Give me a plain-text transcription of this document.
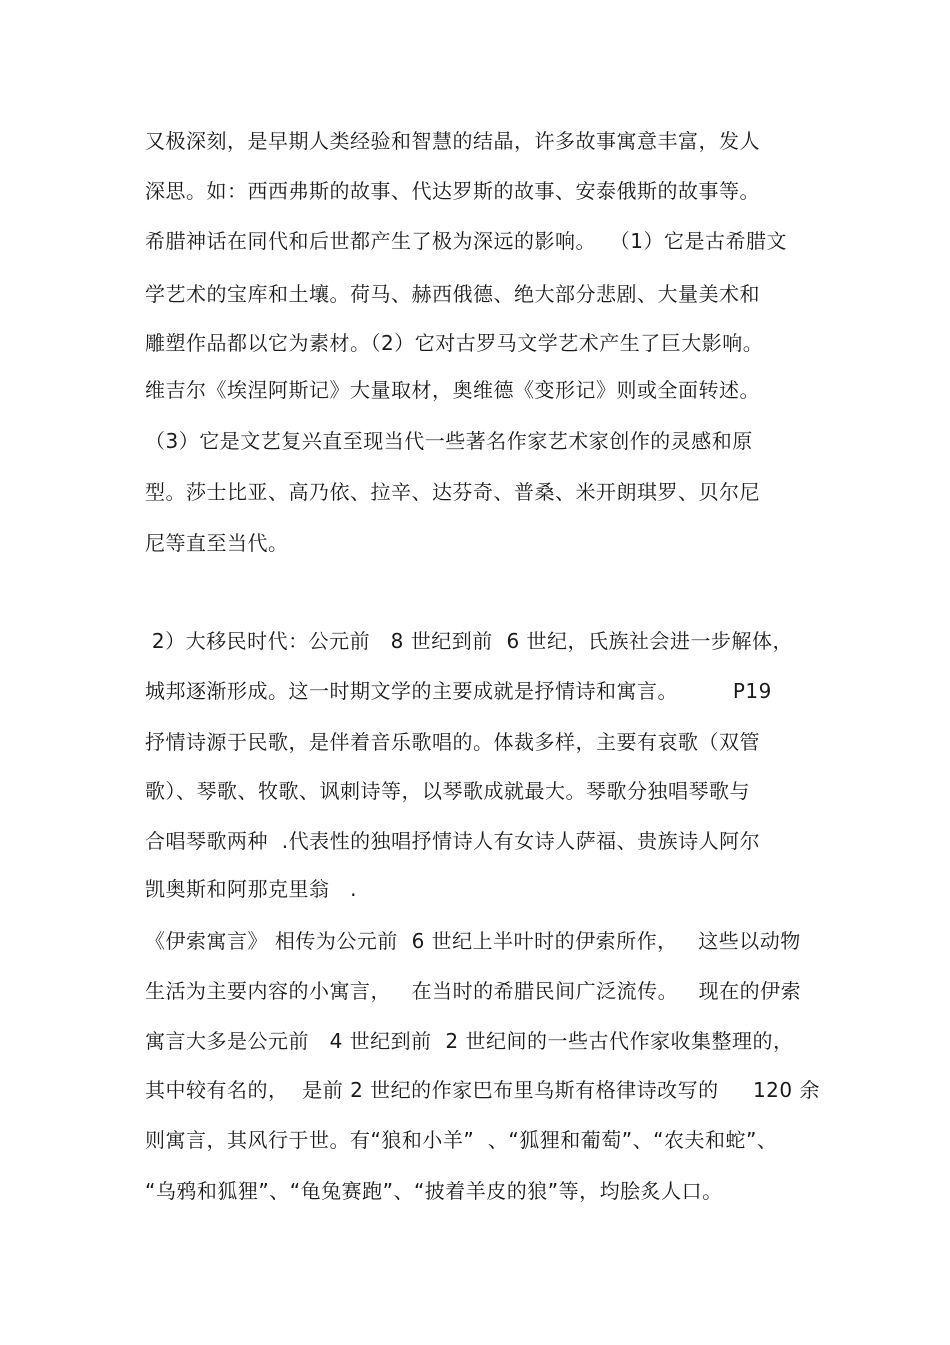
又极深刻，是早期人类经验和智慧的结晶，许多故事寓意丰富，发人
深思。如：西西弗斯的故事、代达罗斯的故事、安泰俄斯的故事等。
希腊神话在同代和后世都产生了极为深远的影响。  （1）它是古希腊文
学艺术的宝库和土壤。荷马、赫西俄德、绝大部分悲剧、大量美术和
雕塑作品都以它为素材。（2）它对古罗马文学艺术产生了巨大影响。
维吉尔《埃涅阿斯记》大量取材，奥维德《变形记》则或全面转述。
（3）它是文艺复兴直至现当代一些著名作家艺术家创作的灵感和原
型。莎士比亚、高乃依、拉辛、达芬奇、普桑、米开朗琪罗、贝尔尼
尼等直至当代。
2）大移民时代：公元前   8 世纪到前  6 世纪，氏族社会进一步解体，
城邦逐渐形成。这一时期文学的主要成就是抒情诗和寓言。        P19
抒情诗源于民歌，是伴着音乐歌唱的。体裁多样，主要有哀歌（双管
歌）、琴歌、牧歌、讽刺诗等，以琴歌成就最大。琴歌分独唱琴歌与
合唱琴歌两种  .代表性的独唱抒情诗人有女诗人萨福、贵族诗人阿尔
凯奥斯和阿那克里翁   .
《伊索寓言》 相传为公元前  6 世纪上半叶时的伊索所作，   这些以动物
生活为主要内容的小寓言，   在当时的希腊民间广泛流传。   现在的伊索
寓言大多是公元前   4 世纪到前  2 世纪间的一些古代作家收集整理的，
其中较有名的，  是前 2 世纪的作家巴布里乌斯有格律诗改写的     120 余
则寓言，其风行于世。有“狼和小羊”  、“狐狸和葡萄”、“农夫和蛇”、
“乌鸦和狐狸”、“龟兔赛跑”、“披着羊皮的狼”等，均脍炙人口。
